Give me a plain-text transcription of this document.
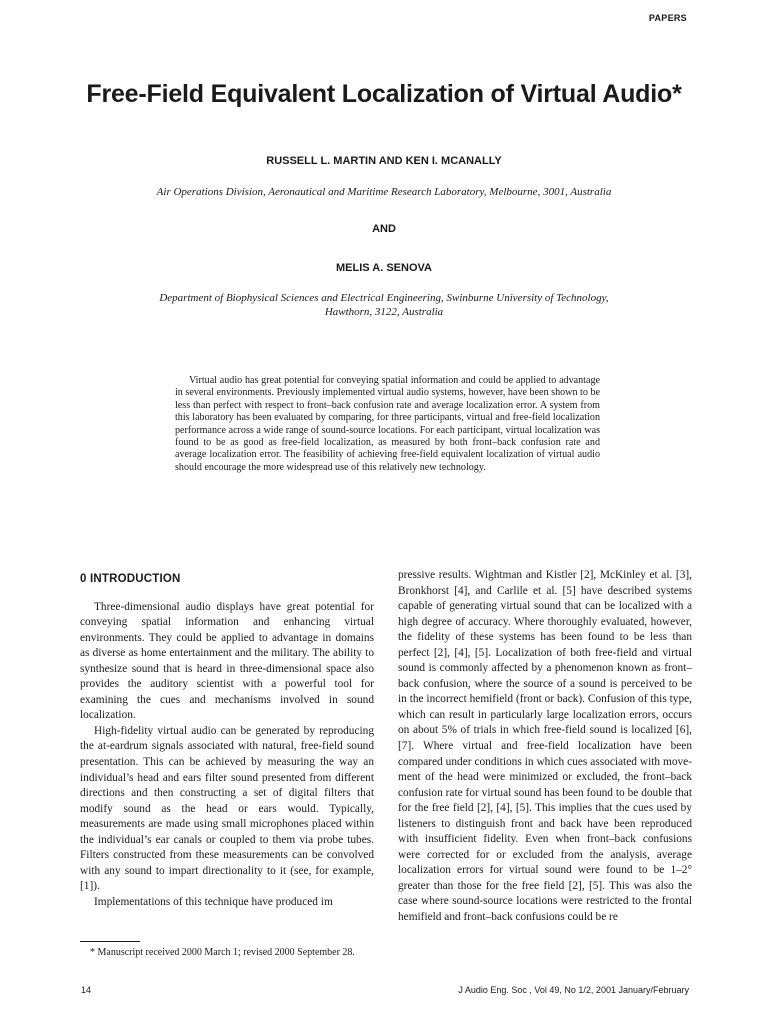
PAPERS
Free-Field Equivalent Localization of Virtual Audio*
RUSSELL L. MARTIN AND KEN I. MCANALLY
Air Operations Division, Aeronautical and Maritime Research Laboratory, Melbourne, 3001, Australia
AND
MELIS A. SENOVA
Department of Biophysical Sciences and Electrical Engineering, Swinburne University of Technology,
Hawthorn, 3122, Australia
Virtual audio has great potential for conveying spatial information and could be applied to advantage in several environments. Previously implemented virtual audio systems, however, have been shown to be less than perfect with respect to front–back confusion rate and average localization error. A system from this laboratory has been evaluated by comparing, for three participants, virtual and free-field localization performance across a wide range of sound-source locations. For each participant, virtual localization was found to be as good as free-field localization, as measured by both front–back confusion rate and average localization error. The feasibility of achieving free-field equivalent localization of virtual audio should encourage the more widespread use of this relatively new technology.
0 INTRODUCTION

Three-dimensional audio displays have great potential for conveying spatial information and enhancing virtual environments. They could be applied to advantage in domains as diverse as home entertainment and the military. The ability to synthesize sound that is heard in three-dimensional space also provides the auditory scientist with a powerful tool for examining the cues and mechanisms involved in sound localization.

High-fidelity virtual audio can be generated by reproducing the at-eardrum signals associated with natural, free-field sound presentation. This can be achieved by measuring the way an individual’s head and ears filter sound presented from different directions and then constructing a set of digital filters that modify sound as the head or ears would. Typically, measurements are made using small microphones placed within the individual’s ear canals or coupled to them via probe tubes. Filters constructed from these measurements can be convolved with any sound to impart directionality to it (see, for example, [1]).

Implementations of this technique have produced im

pressive results. Wightman and Kistler [2], McKinley et al. [3], Bronkhorst [4], and Carlile et al. [5] have described systems capable of generating virtual sound that can be localized with a high degree of accuracy. Where thoroughly evaluated, however, the fidelity of these systems has been found to be less than perfect [2], [4], [5]. Localization of both free-field and virtual sound is commonly affected by a phenomenon known as front–back confusion, where the source of a sound is perceived to be in the incorrect hemifield (front or back). Confusion of this type, which can result in particularly large localization errors, occurs on about 5% of trials in which free-field sound is localized [6], [7]. Where virtual and free-field localization have been compared under conditions in which cues associated with movement of the head were minimized or excluded, the front–back confusion rate for virtual sound has been found to be double that for the free field [2], [4], [5]. This implies that the cues used by listeners to distinguish front and back have been reproduced with insufficient fidelity. Even when front–back confusions were corrected for or excluded from the analysis, average localization errors for virtual sound were found to be 1–2° greater than those for the free field [2], [5]. This was also the case where sound-source locations were restricted to the frontal hemifield and front–back confusions could be re

* Manuscript received 2000 March 1; revised 2000 September 28.
14	J Audio Eng. Soc , Vol 49, No 1/2, 2001 January/February
